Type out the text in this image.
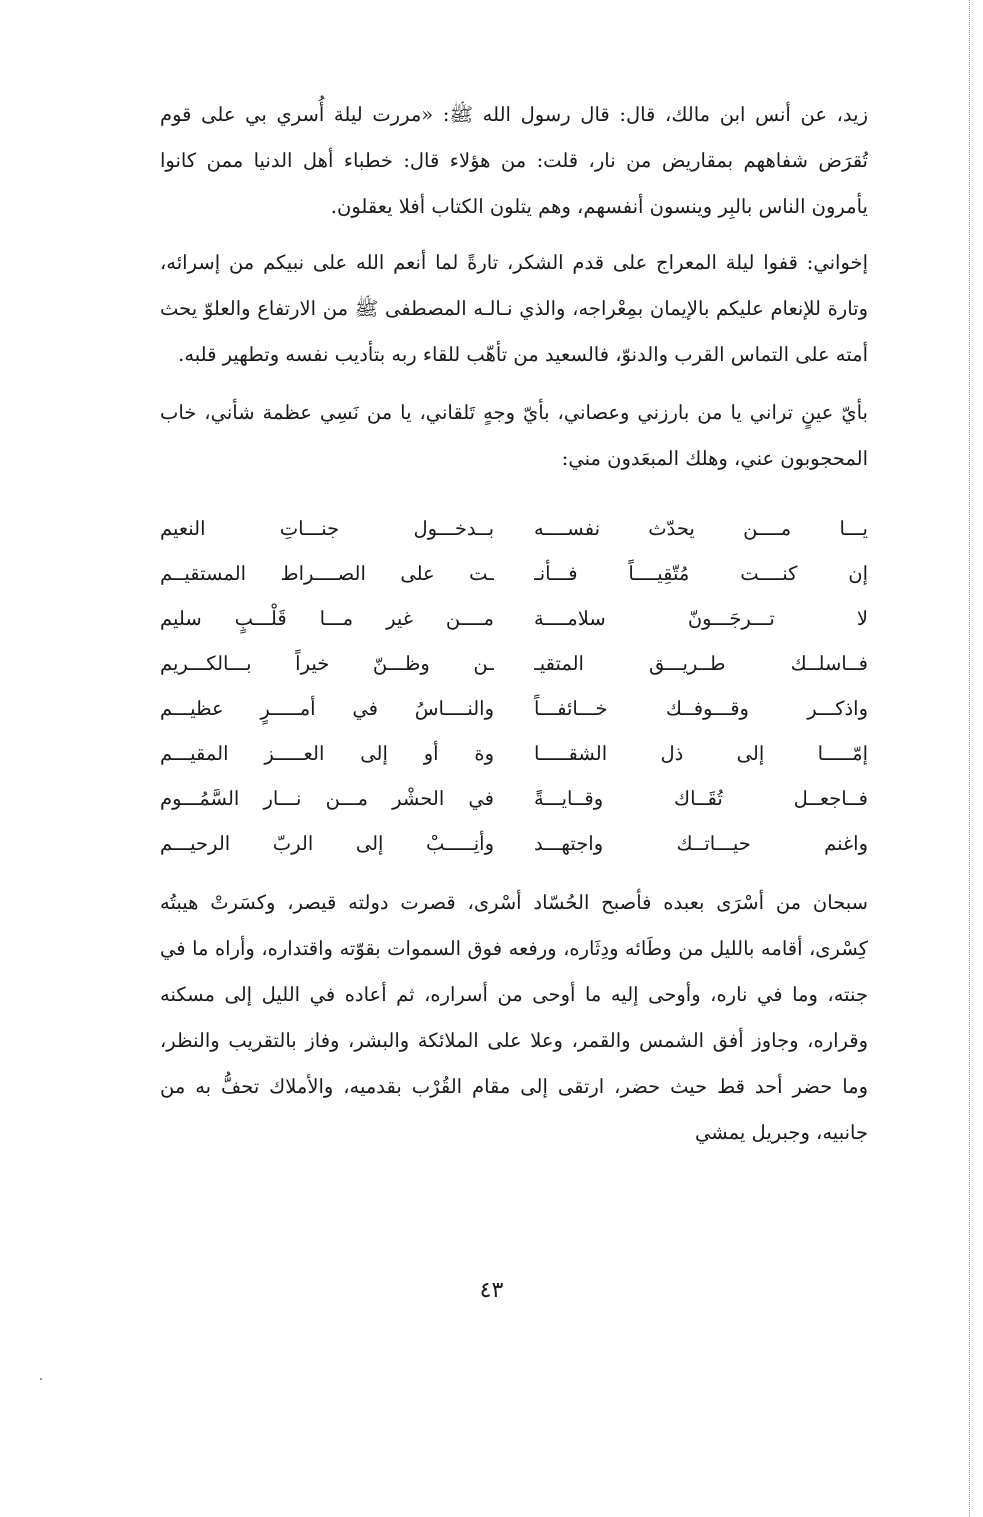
زيد، عن أنس ابن مالك، قال: قال رسول الله ﷺ: «مررت ليلة أُسري بي على قوم تُقرَض شفاههم بمقاريض من نار، قلت: من هؤلاء قال: خطباء أهل الدنيا ممن كانوا يأمرون الناس بالبِر وينسون أنفسهم، وهم يتلون الكتاب أفلا يعقلون.

إخواني: قفوا ليلة المعراج على قدم الشكر، تارةً لما أنعم الله على نبيكم من إسرائه، وتارة للإنعام عليكم بالإيمان بمِعْراجه، والذي نـالـه المصطفى ﷺ من الارتفاع والعلوّ يحث أمته على التماس القرب والدنوّ، فالسعيد من تأهّب للقاء ربه بتأديب نفسه وتطهير قلبه.

بأيّ عينٍ تراني يا من بارزني وعصاني، بأيّ وجهٍ تَلقاني، يا من نَسِي عظمة شأني، خاب المحجوبون عني، وهلك المبعَدون مني:

يـــا مــــن يحدّث نفســــه
بــدخـــول جنـــاتِ النعيم
إن كنــــت مُتّقِيــــاً فـــأنـ
ـت على الصــــراط المستقيــم
لا تـــرجَـــونّ سلامــــة
مــــن غير مـــا قَلْـــبٍ سليم
فــاسلــك طــريـــق المتقيـ
ـن وظـــنّ خيراً بـــالكـــريم
واذكـــر وقـــوفــك خـــائفـــاً
والنــــاسُ في أمـــــرٍ عظيـــم
إمّـــــا إلى ذل الشقـــــا
وة أو إلى العـــــز المقيـــم
فــاجعــل تُقَــاك وقــايـــةً
في الحشْر مـــن نـــار السَّمُـــوم
واغنم حيـــاتــك واجتهـــد
وأنِـــــبْ إلى الربّ الرحيـــم

سبحان من أسْرَى بعبده فأصبح الحُسّاد أسْرى، قصرت دولته قيصر، وكسَرتْ هيبتُه كِسْرى، أقامه بالليل من وطَائه ودِثَاره، ورفعه فوق السموات بقوّته واقتداره، وأراه ما في جنته، وما في ناره، وأوحى إليه ما أوحى من أسراره، ثم أعاده في الليل إلى مسكنه وقراره، وجاوز أفق الشمس والقمر، وعلا على الملائكة والبشر، وفاز بالتقريب والنظر، وما حضر أحد قط حيث حضر، ارتقى إلى مقام القُرْب بقدميه، والأملاك تحفُّ به من جانبيه، وجبريل يمشي

٤٣
